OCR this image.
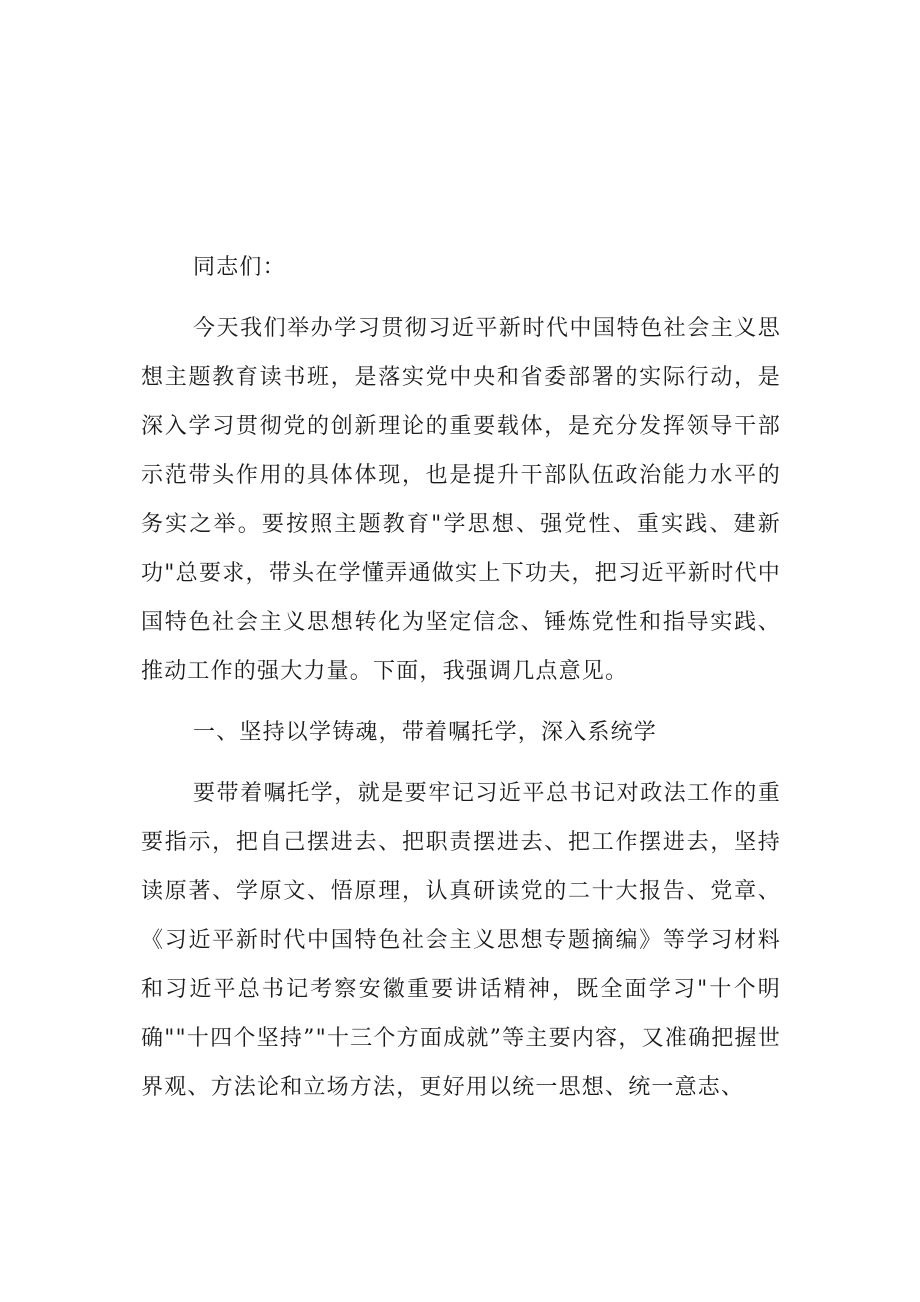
同志们：

今天我们举办学习贯彻习近平新时代中国特色社会主义思想主题教育读书班，是落实党中央和省委部署的实际行动，是深入学习贯彻党的创新理论的重要载体，是充分发挥领导干部示范带头作用的具体体现，也是提升干部队伍政治能力水平的务实之举。要按照主题教育"学思想、强党性、重实践、建新功"总要求，带头在学懂弄通做实上下功夫，把习近平新时代中国特色社会主义思想转化为坚定信念、锤炼党性和指导实践、推动工作的强大力量。下面，我强调几点意见。

一、坚持以学铸魂，带着嘱托学，深入系统学

要带着嘱托学，就是要牢记习近平总书记对政法工作的重要指示，把自己摆进去、把职责摆进去、把工作摆进去，坚持读原著、学原文、悟原理，认真研读党的二十大报告、党章、《习近平新时代中国特色社会主义思想专题摘编》等学习材料和习近平总书记考察安徽重要讲话精神，既全面学习"十个明确""十四个坚持”"十三个方面成就”等主要内容，又准确把握世界观、方法论和立场方法，更好用以统一思想、统一意志、
